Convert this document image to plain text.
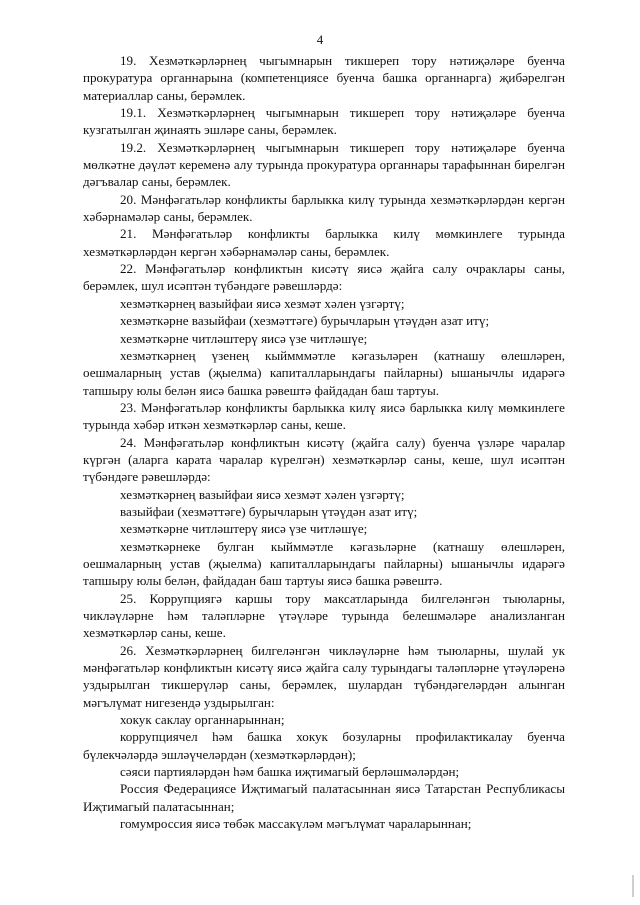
4

19. Хезмәткәрләрнең чыгымнарын тикшереп тору нәтиҗәләре буенча прокуратура органнарына (компетенциясе буенча башка органнарга) җибәрелгән материаллар саны, берәмлек.

19.1. Хезмәткәрләрнең чыгымнарын тикшереп тору нәтиҗәләре буенча кузгатылган җинаять эшләре саны, берәмлек.

19.2. Хезмәткәрләрнең чыгымнарын тикшереп тору нәтиҗәләре буенча мөлкәтне дәүләт кеременә алу турында прокуратура органнары тарафыннан бирелгән дәгъвалар саны, берәмлек.

20. Мәнфәгатьләр конфликты барлыкка килү турында хезмәткәрләрдән кергән хәбәрнамәләр саны, берәмлек.

21. Мәнфәгатьләр конфликты барлыкка килү мөмкинлеге турында хезмәткәрләрдән кергән хәбәрнамәләр саны, берәмлек.

22. Мәнфәгатьләр конфликтын кисәтү яисә җайга салу очраклары саны, берәмлек, шул исәптән түбәндәге рәвешләрдә:

хезмәткәрнең вазыйфаи яисә хезмәт хәлен үзгәртү;

хезмәткәрне вазыйфаи (хезмәттәге) бурычларын үтәүдән азат итү;

хезмәткәрне читләштерү яисә үзе читләшүе;

хезмәткәрнең үзенең кыймммәтле кәгазьләрен (катнашу өлешләрен, оешмаларның устав (җыелма) капиталларындагы пайларны) ышанычлы идарәгә тапшыру юлы белән яисә башка рәвештә файдадан баш тартуы.

23. Мәнфәгатьләр конфликты барлыкка килү яисә барлыкка килү мөмкинлеге турында хәбәр иткән хезмәткәрләр саны, кеше.

24. Мәнфәгатьләр конфликтын кисәтү (җайга салу) буенча үзләре чаралар күргән (аларга карата чаралар күрелгән) хезмәткәрләр саны, кеше, шул исәптән түбәндәге рәвешләрдә:

хезмәткәрнең вазыйфаи яисә хезмәт хәлен үзгәртү;

вазыйфаи (хезмәттәге) бурычларын үтәүдән азат итү;

хезмәткәрне читләштерү яисә үзе читләшүе;

хезмәткәрнеке булган кыйммәтле кәгазьләрне (катнашу өлешләрен, оешмаларның устав (җыелма) капиталларындагы пайларны) ышанычлы идарәгә тапшыру юлы белән, файдадан баш тартуы яисә башка рәвештә.

25. Коррупциягә каршы тору максатларында билгеләнгән тыюларны, чикләүләрне һәм таләпләрне үтәүләре турында белешмәләре анализланган хезмәткәрләр саны, кеше.

26. Хезмәткәрләрнең билгеләнгән чикләүләрне һәм тыюларны, шулай ук мәнфәгатьләр конфликтын кисәтү яисә җайга салу турындагы таләпләрне үтәүләренә уздырылган тикшерүләр саны, берәмлек, шулардан түбәндәгеләрдән алынган мәгълүмат нигезендә уздырылган:

хокук саклау органнарыннан;

коррупциячел һәм башка хокук бозуларны профилактикалау буенча бүлекчәләрдә эшләүчеләрдән (хезмәткәрләрдән);

сәяси партияләрдән һәм башка иҗтимагый берләшмәләрдән;

Россия Федерациясе Иҗтимагый палатасыннан яисә Татарстан Республикасы Иҗтимагый палатасыннан;

гомумроссия яисә төбәк массакүләм мәгълүмат чараларыннан;
